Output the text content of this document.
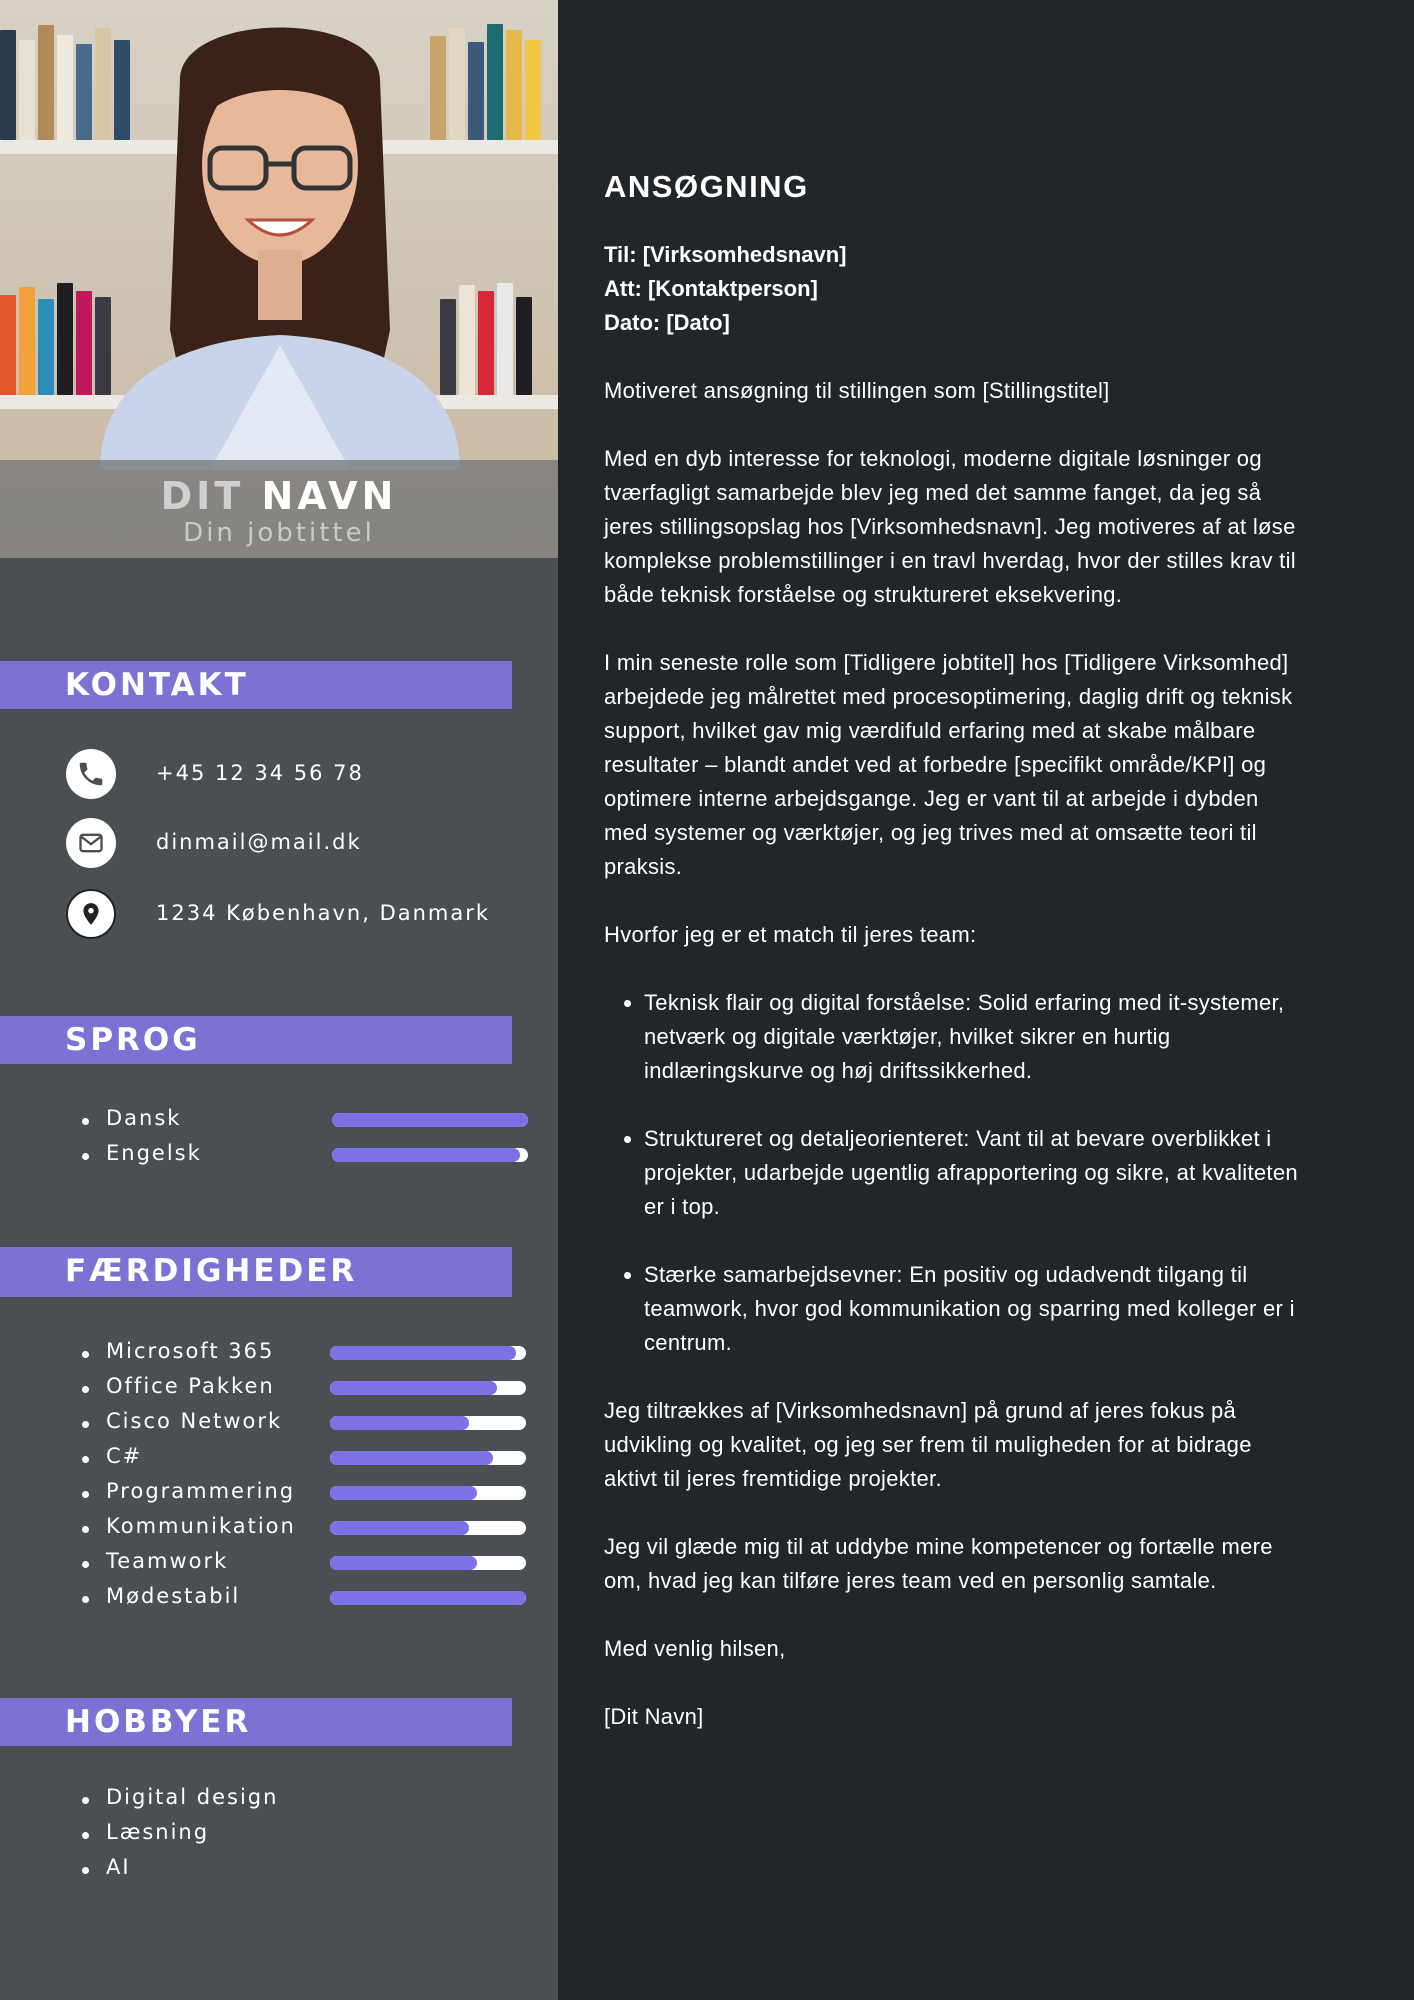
DIT NAVN
Din jobtittel
KONTAKT
+45 12 34 56 78
dinmail@mail.dk
1234 København, Danmark
SPROG
Dansk
Engelsk
FÆRDIGHEDER
Microsoft 365
Office Pakken
Cisco Network
C#
Programmering
Kommunikation
Teamwork
Mødestabil
HOBBYER
Digital design
Læsning
AI
ANSØGNING
Til: [Virksomhedsnavn]
Att: [Kontaktperson]
Dato: [Dato]

Motiveret ansøgning til stillingen som [Stillingstitel]

Med en dyb interesse for teknologi, moderne digitale løsninger og tværfagligt samarbejde blev jeg med det samme fanget, da jeg så jeres stillingsopslag hos [Virksomhedsnavn]. Jeg motiveres af at løse komplekse problemstillinger i en travl hverdag, hvor der stilles krav til både teknisk forståelse og struktureret eksekvering.

I min seneste rolle som [Tidligere jobtitel] hos [Tidligere Virksomhed] arbejdede jeg målrettet med procesoptimering, daglig drift og teknisk support, hvilket gav mig værdifuld erfaring med at skabe målbare resultater – blandt andet ved at forbedre [specifikt område/KPI] og optimere interne arbejdsgange. Jeg er vant til at arbejde i dybden med systemer og værktøjer, og jeg trives med at omsætte teori til praksis.

Hvorfor jeg er et match til jeres team:

• Teknisk flair og digital forståelse: Solid erfaring med it-systemer, netværk og digitale værktøjer, hvilket sikrer en hurtig indlæringskurve og høj driftssikkerhed.
• Struktureret og detaljeorienteret: Vant til at bevare overblikket i projekter, udarbejde ugentlig afrapportering og sikre, at kvaliteten er i top.
• Stærke samarbejdsevner: En positiv og udadvendt tilgang til teamwork, hvor god kommunikation og sparring med kolleger er i centrum.

Jeg tiltrækkes af [Virksomhedsnavn] på grund af jeres fokus på udvikling og kvalitet, og jeg ser frem til muligheden for at bidrage aktivt til jeres fremtidige projekter.

Jeg vil glæde mig til at uddybe mine kompetencer og fortælle mere om, hvad jeg kan tilføre jeres team ved en personlig samtale.

Med venlig hilsen,

[Dit Navn]
